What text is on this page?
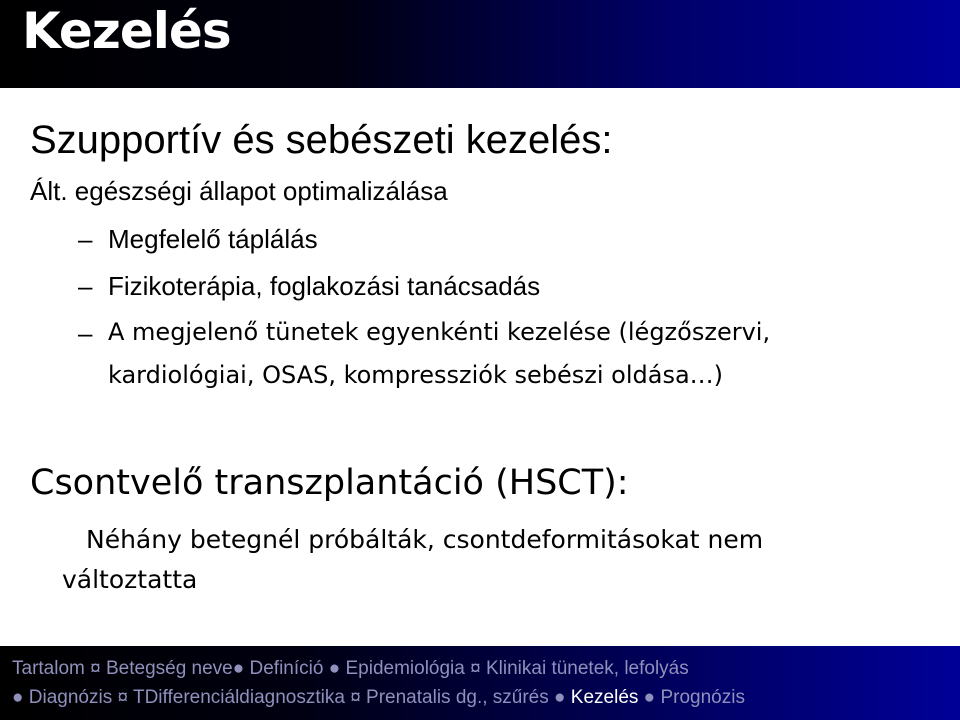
Kezelés
Szupportív és sebészeti kezelés:
Ált. egészségi állapot optimalizálása
– Megfelelő táplálás
– Fizikoterápia, foglakozási tanácsadás
– A megjelenő tünetek egyenkénti kezelése (légzőszervi,
kardiológiai, OSAS, kompressziók sebészi oldása…)
Csontvelő transzplantáció (HSCT):
Néhány betegnél próbálták, csontdeformitásokat nem
változtatta
Tartalom ¤ Betegség neve● Definíció ● Epidemiológia ¤ Klinikai tünetek, lefolyás
● Diagnózis ¤ TDifferenciáldiagnosztika ¤ Prenatalis dg., szűrés ● Kezelés ● Prognózis
